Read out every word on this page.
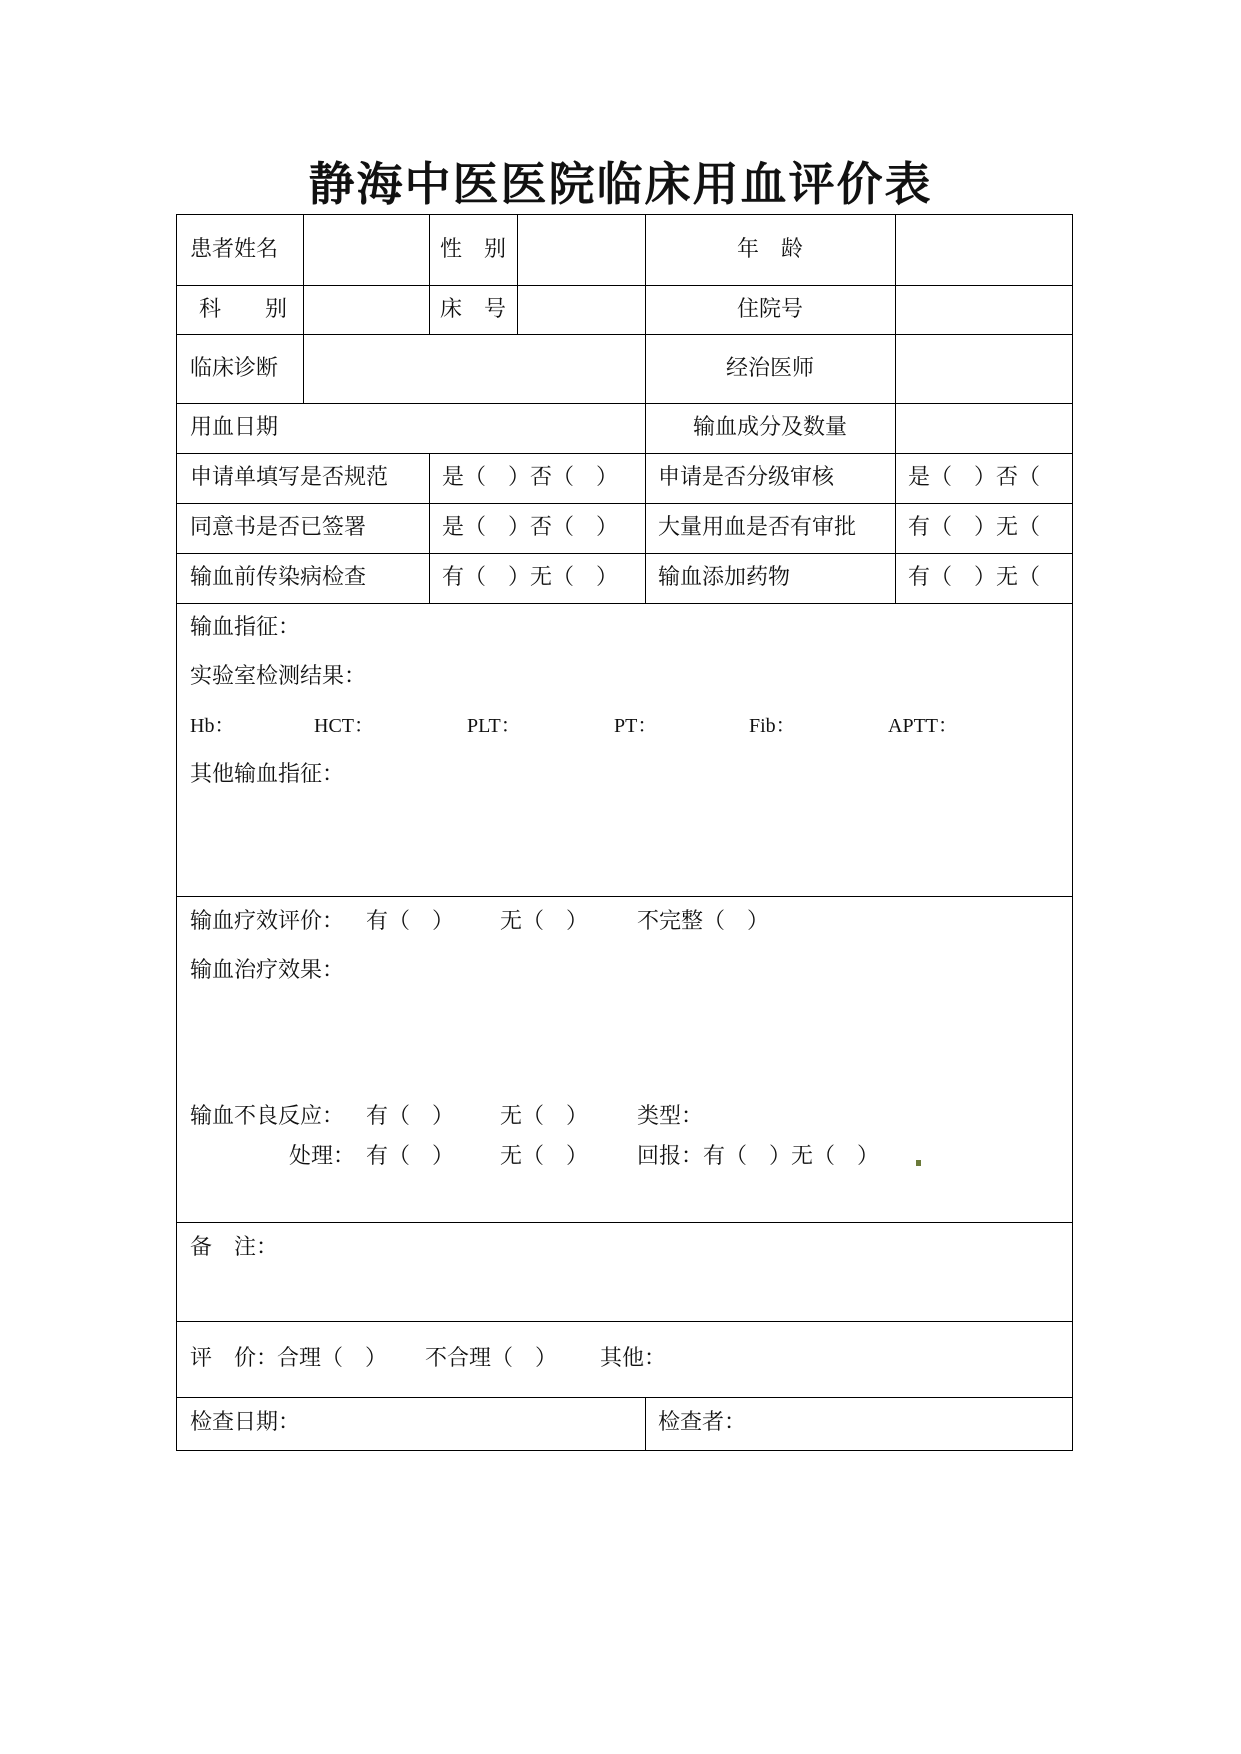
静海中医医院临床用血评价表
患者姓名	性　别	年　龄
科　　别	床　号	住院号
临床诊断	经治医师
用血日期	输血成分及数量
申请单填写是否规范 是（　）否（　） 申请是否分级审核	是（　）否（
同意书是否已签署	是（　）否（　） 大量用血是否有审批 有（　）无（
输血前传染病检查	有（　）无（　） 输血添加药物	有（　）无（
输血指征：
实验室检测结果：
Hb：	HCT：	PLT：	PT：	Fib：	APTT：
其他输血指征：
输血疗效评价： 有（　） 无（　） 不完整（　）
输血治疗效果：
输血不良反应： 有（　） 无（　） 类型：
处理： 有（　） 无（　） 回报：有（　）无（　）
备　注：
评　价：
合理（　） 不合理（　） 其他：
检查日期：	检查者：
